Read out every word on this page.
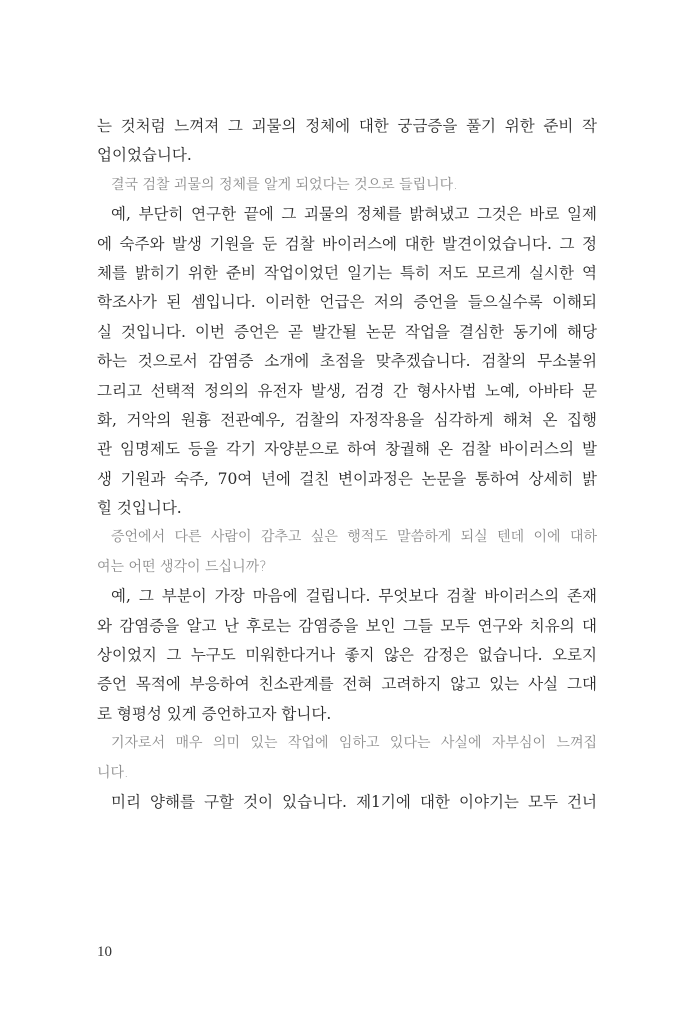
는 것처럼 느껴져 그 괴물의 정체에 대한 궁금증을 풀기 위한 준비 작
업이었습니다.
결국 검찰 괴물의 정체를 알게 되었다는 것으로 들립니다.
예, 부단히 연구한 끝에 그 괴물의 정체를 밝혀냈고 그것은 바로 일제
에 숙주와 발생 기원을 둔 검찰 바이러스에 대한 발견이었습니다. 그 정
체를 밝히기 위한 준비 작업이었던 일기는 특히 저도 모르게 실시한 역
학조사가 된 셈입니다. 이러한 언급은 저의 증언을 들으실수록 이해되
실 것입니다. 이번 증언은 곧 발간될 논문 작업을 결심한 동기에 해당
하는 것으로서 감염증 소개에 초점을 맞추겠습니다. 검찰의 무소불위
그리고 선택적 정의의 유전자 발생, 검경 간 형사사법 노예, 아바타 문
화, 거악의 원흉 전관예우, 검찰의 자정작용을 심각하게 해쳐 온 집행
관 임명제도 등을 각기 자양분으로 하여 창궐해 온 검찰 바이러스의 발
생 기원과 숙주, 70여 년에 걸친 변이과정은 논문을 통하여 상세히 밝
힐 것입니다.
증언에서 다른 사람이 감추고 싶은 행적도 말씀하게 되실 텐데 이에 대하
여는 어떤 생각이 드십니까?
예, 그 부분이 가장 마음에 걸립니다. 무엇보다 검찰 바이러스의 존재
와 감염증을 알고 난 후로는 감염증을 보인 그들 모두 연구와 치유의 대
상이었지 그 누구도 미워한다거나 좋지 않은 감정은 없습니다. 오로지
증언 목적에 부응하여 친소관계를 전혀 고려하지 않고 있는 사실 그대
로 형평성 있게 증언하고자 합니다.
기자로서 매우 의미 있는 작업에 임하고 있다는 사실에 자부심이 느껴집
니다.
미리 양해를 구할 것이 있습니다. 제1기에 대한 이야기는 모두 건너
10
